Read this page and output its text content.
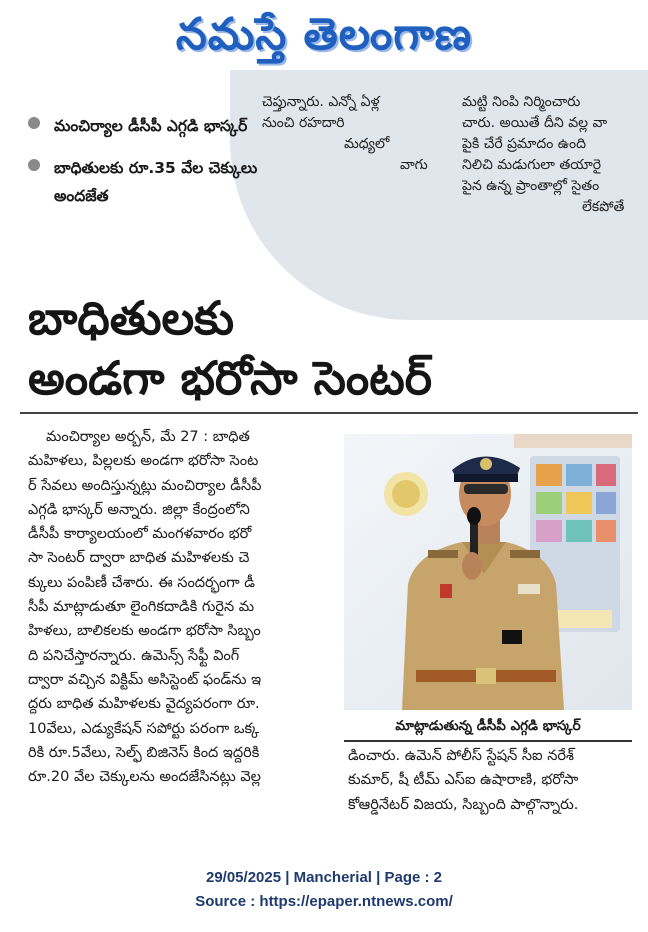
నమస్తే తెలంగాణ
చెప్తున్నారు. ఎన్నో ఏళ్ల
నుంచి రహదారి
మధ్యలో
వాగు
మట్టి నింపి నిర్మించారు
చారు. అయితే దీని వల్ల వా
పైకి చేరే ప్రమాదం ఉంది
నిలిచి మడుగులా తయారై
పైన ఉన్న ప్రాంతాల్లో సైతం
లేకపోతే
మంచిర్యాల డీసీపీ ఎగ్గడి భాస్కర్
బాధితులకు రూ.35 వేల చెక్కులు అందజేత
బాధితులకు
అండగా భరోసా సెంటర్
మంచిర్యాల అర్బన్, మే 27 : బాధిత
మహిళలు, పిల్లలకు అండగా భరోసా సెంట
ర్ సేవలు అందిస్తున్నట్లు మంచిర్యాల డీసీపీ
ఎగ్గడి భాస్కర్ అన్నారు. జిల్లా కేంద్రంలోని
డీసీపీ కార్యాలయంలో మంగళవారం భరో
సా సెంటర్ ద్వారా బాధిత మహిళలకు చె
క్కులు పంపిణీ చేశారు. ఈ సందర్భంగా డీ
సీపీ మాట్లాడుతూ లైంగికదాడికి గురైన మ
హిళలు, బాలికలకు అండగా భరోసా సిబ్బం
ది పనిచేస్తారన్నారు. ఉమెన్స్ సేఫ్టీ వింగ్
ద్వారా వచ్చిన విక్టిమ్ అసిస్టెంట్ ఫండ్‌ను ఇ
ద్దరు బాధిత మహిళలకు వైద్యపరంగా రూ.
10వేలు, ఎడ్యుకేషన్ సపోర్టు పరంగా ఒక్క
రికి రూ.5వేలు, సెల్ఫ్ బిజినెస్ కింద ఇద్దరికి
రూ.20 వేల చెక్కులను అందజేసినట్లు వెల్ల
మాట్లాడుతున్న డీసీపీ ఎగ్గడి భాస్కర్
డించారు. ఉమెన్ పోలీస్ స్టేషన్ సీఐ నరేశ్
కుమార్, షీ టీమ్ ఎస్ఐ ఉషారాణి, భరోసా
కోఆర్డినేటర్ విజయ, సిబ్బంది పాల్గొన్నారు.
29/05/2025 | Mancherial | Page : 2
Source : https://epaper.ntnews.com/
